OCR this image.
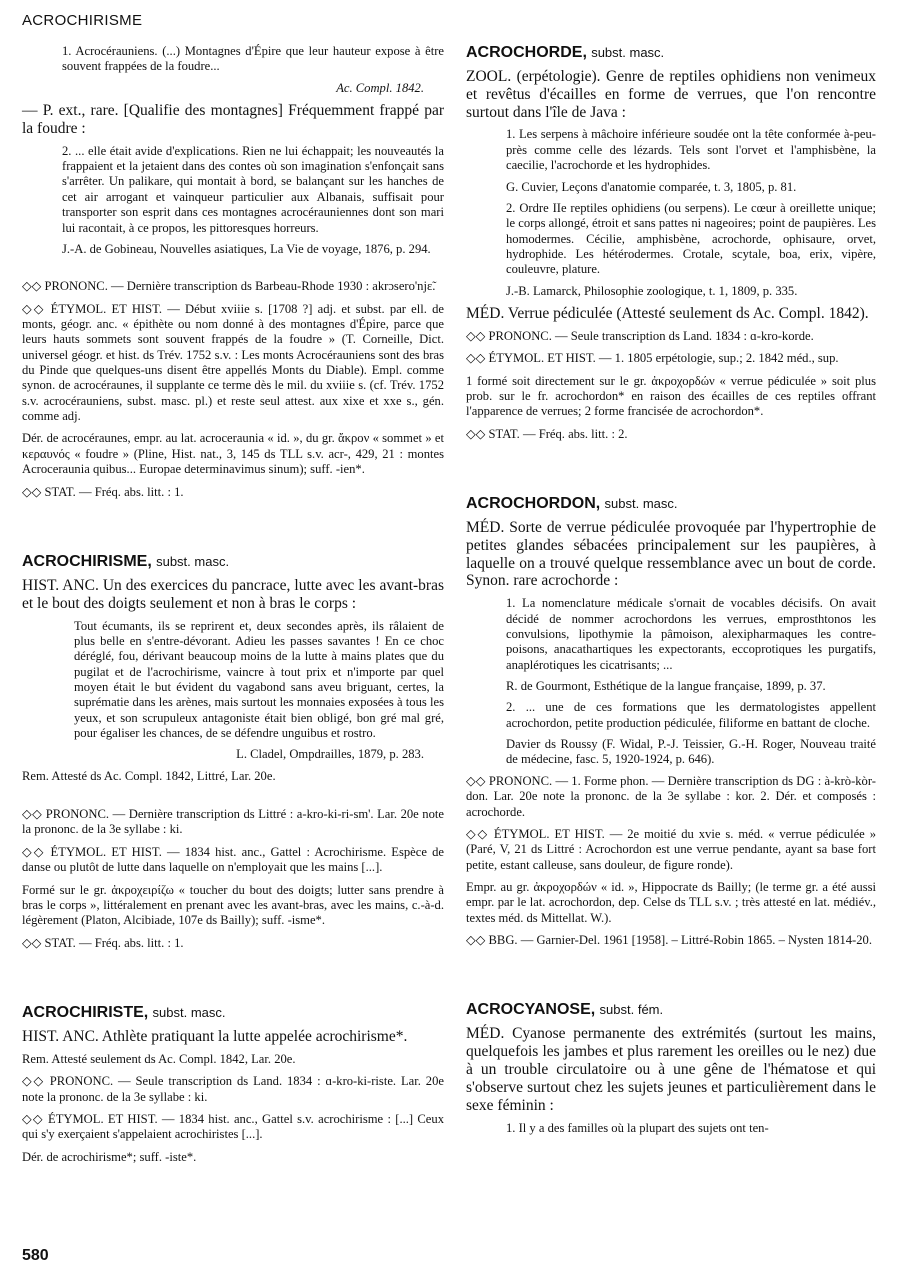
ACROCHIRISME

1. Acrocérauniens. (...) Montagnes d'Épire que leur hauteur expose à être souvent frappées de la foudre...

Ac. Compl. 1842.

— P. ext., rare. [Qualifie des montagnes] Fréquemment frappé par la foudre :

2. ... elle était avide d'explications. Rien ne lui échappait; les nouveautés la frappaient et la jetaient dans des contes où son imagination s'enfonçait sans s'arrêter. Un palikare, qui montait à bord, se balançant sur les hanches de cet air arrogant et vainqueur particulier aux Albanais, suffisait pour transporter son esprit dans ces montagnes acrocérauniennes dont son mari lui racontait, à ce propos, les pittoresques horreurs.

J.-A. de Gobineau, Nouvelles asiatiques, La Vie de voyage, 1876, p. 294.

◇◇ PRONONC. — Dernière transcription ds Barbeau-Rhode 1930 : akrɔsero'njɛ̃.

◇◇ ÉTYMOL. ET HIST. — Début xviiie s. [1708 ?] adj. et subst. par ell. de monts, géogr. anc. « épithète ou nom donné à des montagnes d'Épire, parce que leurs hauts sommets sont souvent frappés de la foudre » (T. Corneille, Dict. universel géogr. et hist. ds Trév. 1752 s.v. : Les monts Acrocérauniens sont des bras du Pinde que quelques-uns disent être appellés Monts du Diable). Empl. comme synon. de acrocéraunes, il supplante ce terme dès le mil. du xviiie s. (cf. Trév. 1752 s.v. acrocérauniens, subst. masc. pl.) et reste seul attest. aux xixe et xxe s., gén. comme adj.

Dér. de acrocéraunes, empr. au lat. acroceraunia « id. », du gr. ἄκρον « sommet » et κεραυνός « foudre » (Pline, Hist. nat., 3, 145 ds TLL s.v. acr-, 429, 21 : montes Acroceraunia quibus... Europae determinavimus sinum); suff. -ien*.

◇◇ STAT. — Fréq. abs. litt. : 1.

ACROCHIRISME, subst. masc.

HIST. ANC. Un des exercices du pancrace, lutte avec les avant-bras et le bout des doigts seulement et non à bras le corps :

Tout écumants, ils se reprirent et, deux secondes après, ils râlaient de plus belle en s'entre-dévorant. Adieu les passes savantes ! En ce choc déréglé, fou, dérivant beaucoup moins de la lutte à mains plates que du pugilat et de l'acrochirisme, vaincre à tout prix et n'importe par quel moyen était le but évident du vagabond sans aveu briguant, certes, la suprématie dans les arènes, mais surtout les monnaies exposées à tous les yeux, et son scrupuleux antagoniste était bien obligé, bon gré mal gré, pour égaliser les chances, de se défendre unguibus et rostro.

L. Cladel, Ompdrailles, 1879, p. 283.

Rem. Attesté ds Ac. Compl. 1842, Littré, Lar. 20e.

◇◇ PRONONC. — Dernière transcription ds Littré : a-kro-ki-ri-sm'. Lar. 20e note la prononc. de la 3e syllabe : ki.

◇◇ ÉTYMOL. ET HIST. — 1834 hist. anc., Gattel : Acrochirisme. Espèce de danse ou plutôt de lutte dans laquelle on n'employait que les mains [...].

Formé sur le gr. ἀκροχειρίζω « toucher du bout des doigts; lutter sans prendre à bras le corps », littéralement en prenant avec les avant-bras, avec les mains, c.-à-d. légèrement (Platon, Alcibiade, 107e ds Bailly); suff. -isme*.

◇◇ STAT. — Fréq. abs. litt. : 1.

ACROCHIRISTE, subst. masc.

HIST. ANC. Athlète pratiquant la lutte appelée acrochirisme*.

Rem. Attesté seulement ds Ac. Compl. 1842, Lar. 20e.

◇◇ PRONONC. — Seule transcription ds Land. 1834 : ɑ-kro-ki-riste. Lar. 20e note la prononc. de la 3e syllabe : ki.

◇◇ ÉTYMOL. ET HIST. — 1834 hist. anc., Gattel s.v. acrochirisme : [...] Ceux qui s'y exerçaient s'appelaient acrochiristes [...].

Dér. de acrochirisme*; suff. -iste*.

ACROCHORDE, subst. masc.

ZOOL. (erpétologie). Genre de reptiles ophidiens non venimeux et revêtus d'écailles en forme de verrues, que l'on rencontre surtout dans l'île de Java :

1. Les serpens à mâchoire inférieure soudée ont la tête conformée à-peu-près comme celle des lézards. Tels sont l'orvet et l'amphisbène, la caecilie, l'acrochorde et les hydrophides.

G. Cuvier, Leçons d'anatomie comparée, t. 3, 1805, p. 81.

2. Ordre IIe reptiles ophidiens (ou serpens). Le cœur à oreillette unique; le corps allongé, étroit et sans pattes ni nageoires; point de paupières. Les homodermes. Cécilie, amphisbène, acrochorde, ophisaure, orvet, hydrophide. Les hétérodermes. Crotale, scytale, boa, erix, vipère, couleuvre, plature.

J.-B. Lamarck, Philosophie zoologique, t. 1, 1809, p. 335.

MÉD. Verrue pédiculée (Attesté seulement ds Ac. Compl. 1842).

◇◇ PRONONC. — Seule transcription ds Land. 1834 : ɑ-kro-korde.

◇◇ ÉTYMOL. ET HIST. — 1. 1805 erpétologie, sup.; 2. 1842 méd., sup.

1 formé soit directement sur le gr. ἀκροχορδών « verrue pédiculée » soit plus prob. sur le fr. acrochordon* en raison des écailles de ces reptiles offrant l'apparence de verrues; 2 forme francisée de acrochordon*.

◇◇ STAT. — Fréq. abs. litt. : 2.

ACROCHORDON, subst. masc.

MÉD. Sorte de verrue pédiculée provoquée par l'hypertrophie de petites glandes sébacées principalement sur les paupières, à laquelle on a trouvé quelque ressemblance avec un bout de corde. Synon. rare acrochorde :

1. La nomenclature médicale s'ornait de vocables décisifs. On avait décidé de nommer acrochordons les verrues, emprosthtonos les convulsions, lipothymie la pâmoison, alexipharmaques les contre-poisons, anacathartiques les expectorants, eccoprotiques les purgatifs, anaplérotiques les cicatrisants; ...

R. de Gourmont, Esthétique de la langue française, 1899, p. 37.

2. ... une de ces formations que les dermatologistes appellent acrochordon, petite production pédiculée, filiforme en battant de cloche.

Davier ds Roussy (F. Widal, P.-J. Teissier, G.-H. Roger, Nouveau traité de médecine, fasc. 5, 1920-1924, p. 646).

◇◇ PRONONC. — 1. Forme phon. — Dernière transcription ds DG : à-krò-kòr-don. Lar. 20e note la prononc. de la 3e syllabe : kor. 2. Dér. et composés : acrochorde.

◇◇ ÉTYMOL. ET HIST. — 2e moitié du xvie s. méd. « verrue pédiculée » (Paré, V, 21 ds Littré : Acrochordon est une verrue pendante, ayant sa base fort petite, estant calleuse, sans douleur, de figure ronde).

Empr. au gr. ἀκροχορδών « id. », Hippocrate ds Bailly; (le terme gr. a été aussi empr. par le lat. acrochordon, dep. Celse ds TLL s.v. ; très attesté en lat. médiév., textes méd. ds Mittellat. W.).

◇◇ BBG. — Garnier-Del. 1961 [1958]. – Littré-Robin 1865. – Nysten 1814-20.

ACROCYANOSE, subst. fém.

MÉD. Cyanose permanente des extrémités (surtout les mains, quelquefois les jambes et plus rarement les oreilles ou le nez) due à un trouble circulatoire ou à une gêne de l'hématose et qui s'observe surtout chez les sujets jeunes et particulièrement dans le sexe féminin :

1. Il y a des familles où la plupart des sujets ont ten-

580
